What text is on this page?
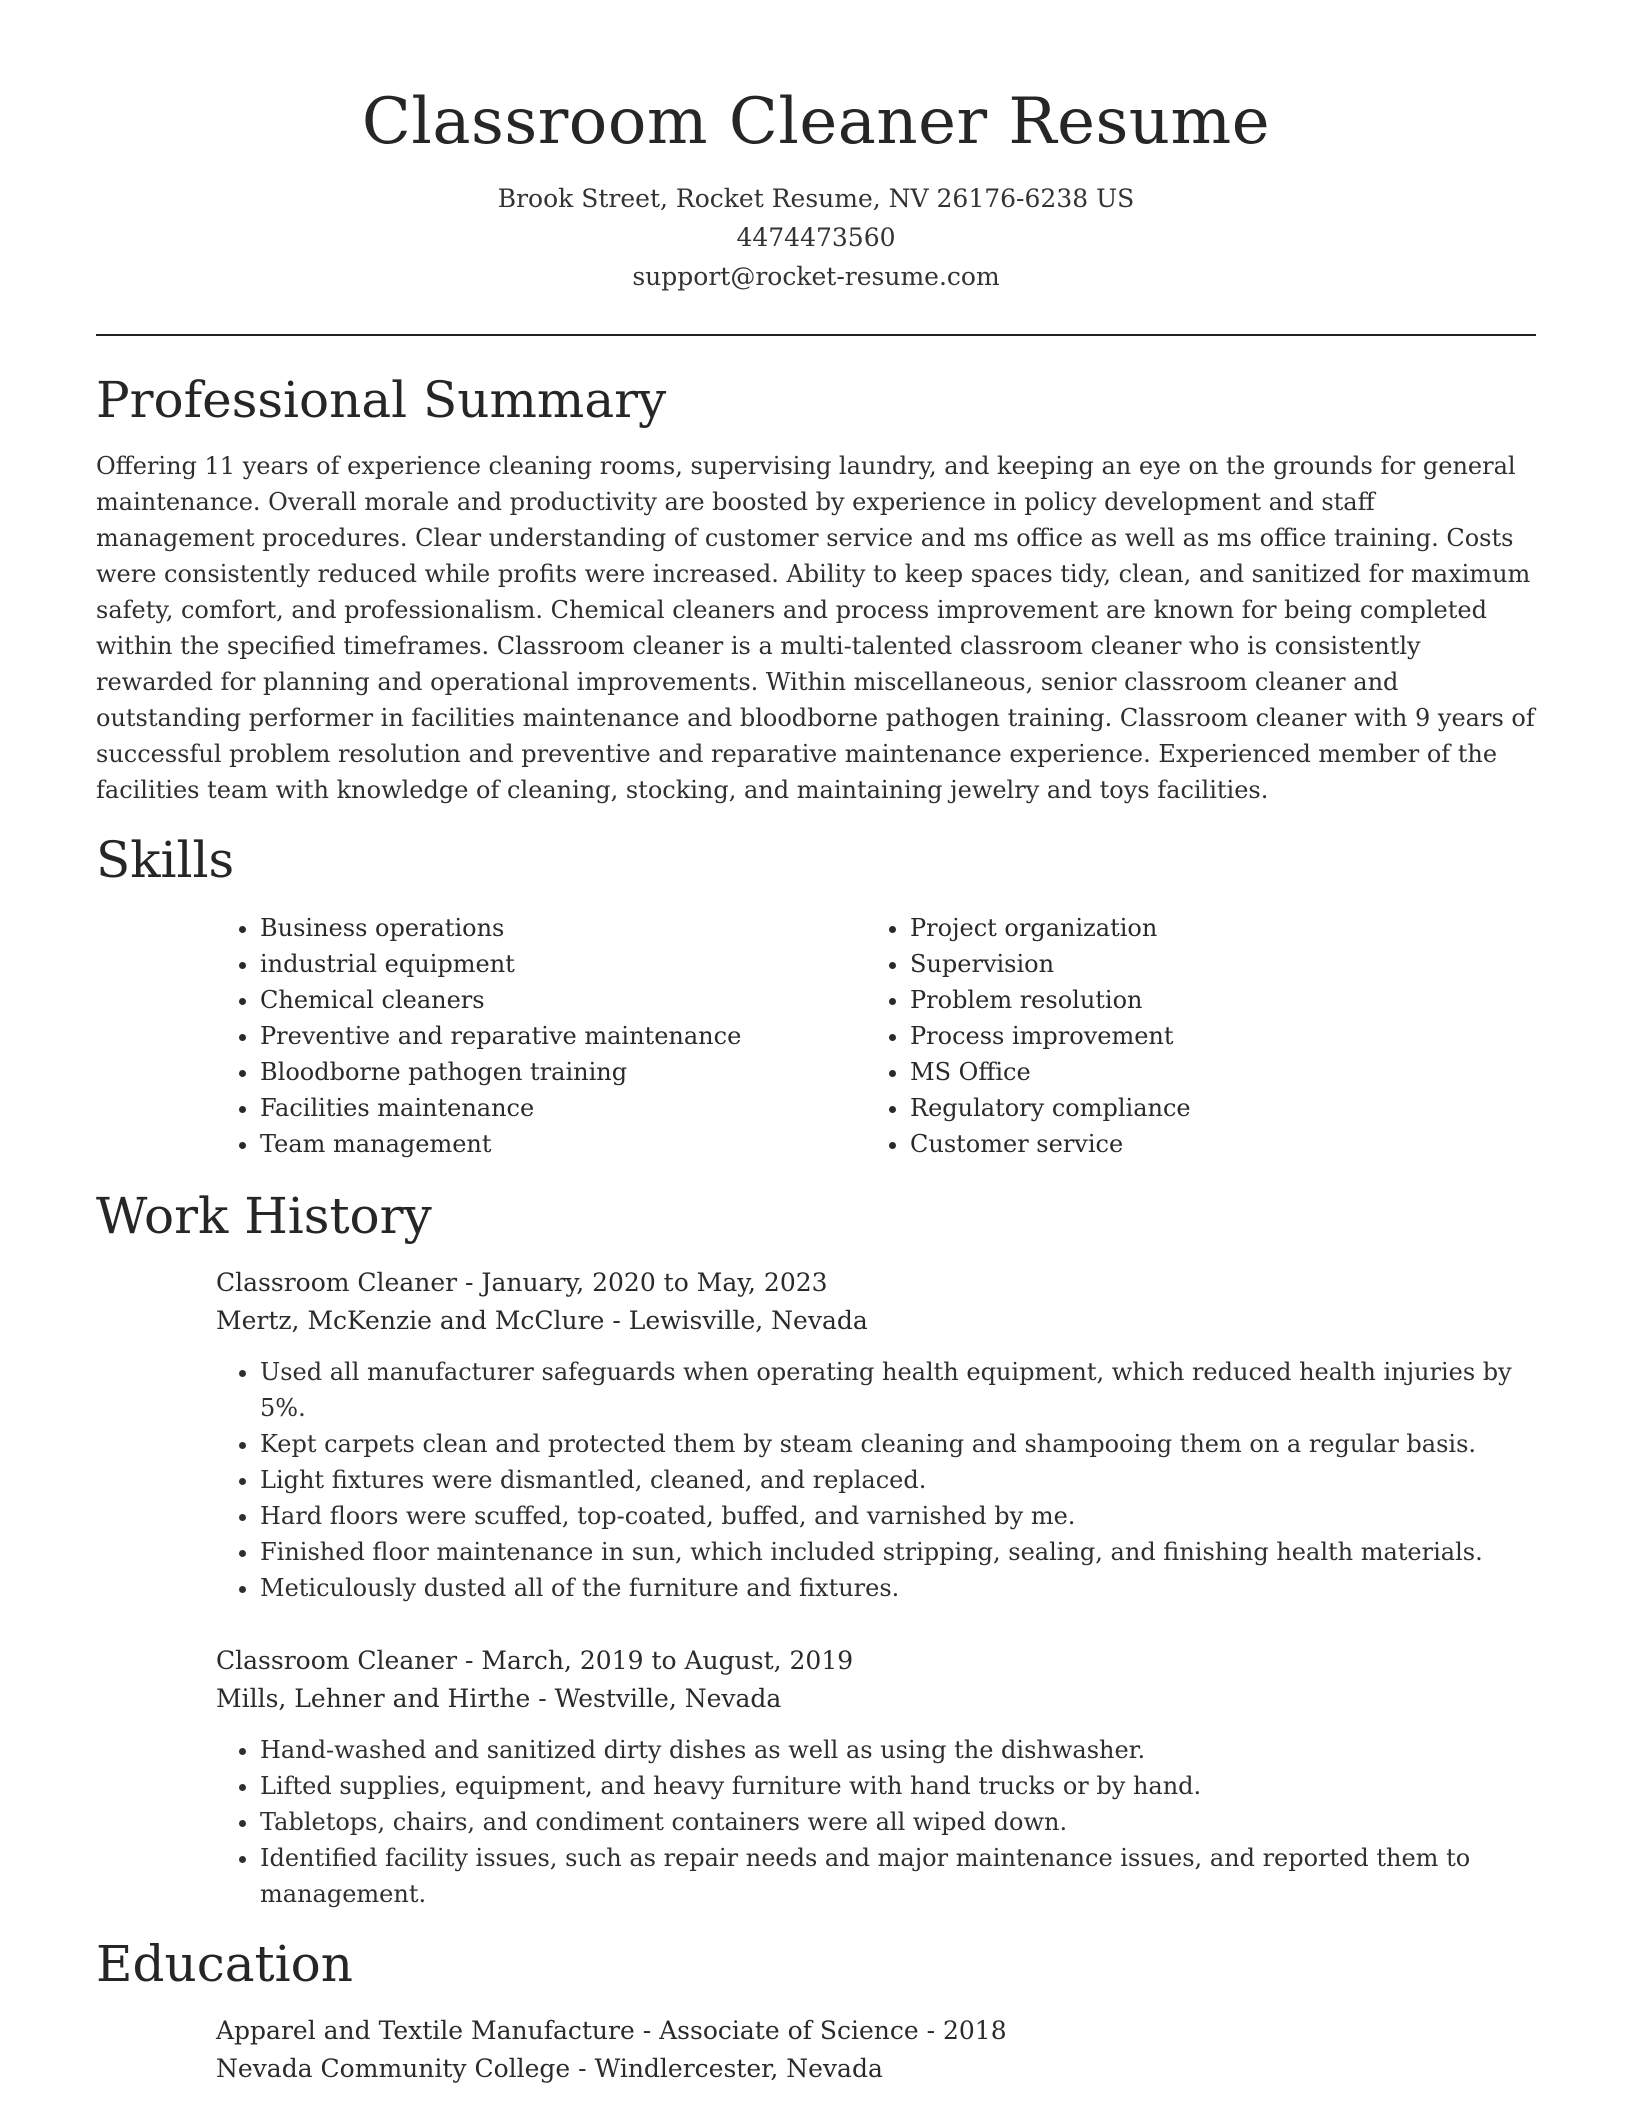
Classroom Cleaner Resume
Brook Street, Rocket Resume, NV 26176-6238 US
4474473560
support@rocket-resume.com
Professional Summary

Offering 11 years of experience cleaning rooms, supervising laundry, and keeping an eye on the grounds for general maintenance. Overall morale and productivity are boosted by experience in policy development and staff management procedures. Clear understanding of customer service and ms office as well as ms office training. Costs were consistently reduced while profits were increased. Ability to keep spaces tidy, clean, and sanitized for maximum safety, comfort, and professionalism. Chemical cleaners and process improvement are known for being completed within the specified timeframes. Classroom cleaner is a multi-talented classroom cleaner who is consistently rewarded for planning and operational improvements. Within miscellaneous, senior classroom cleaner and outstanding performer in facilities maintenance and bloodborne pathogen training. Classroom cleaner with 9 years of successful problem resolution and preventive and reparative maintenance experience. Experienced member of the facilities team with knowledge of cleaning, stocking, and maintaining jewelry and toys facilities.

Skills
• Business operations
• industrial equipment
• Chemical cleaners
• Preventive and reparative maintenance
• Bloodborne pathogen training
• Facilities maintenance
• Team management
• Project organization
• Supervision
• Problem resolution
• Process improvement
• MS Office
• Regulatory compliance
• Customer service
Work History
Classroom Cleaner - January, 2020 to May, 2023
Mertz, McKenzie and McClure - Lewisville, Nevada
• Used all manufacturer safeguards when operating health equipment, which reduced health injuries by 5%.
• Kept carpets clean and protected them by steam cleaning and shampooing them on a regular basis.
• Light fixtures were dismantled, cleaned, and replaced.
• Hard floors were scuffed, top-coated, buffed, and varnished by me.
• Finished floor maintenance in sun, which included stripping, sealing, and finishing health materials.
• Meticulously dusted all of the furniture and fixtures.
Classroom Cleaner - March, 2019 to August, 2019
Mills, Lehner and Hirthe - Westville, Nevada
• Hand-washed and sanitized dirty dishes as well as using the dishwasher.
• Lifted supplies, equipment, and heavy furniture with hand trucks or by hand.
• Tabletops, chairs, and condiment containers were all wiped down.
• Identified facility issues, such as repair needs and major maintenance issues, and reported them to management.
Education
Apparel and Textile Manufacture - Associate of Science - 2018
Nevada Community College - Windlercester, Nevada
